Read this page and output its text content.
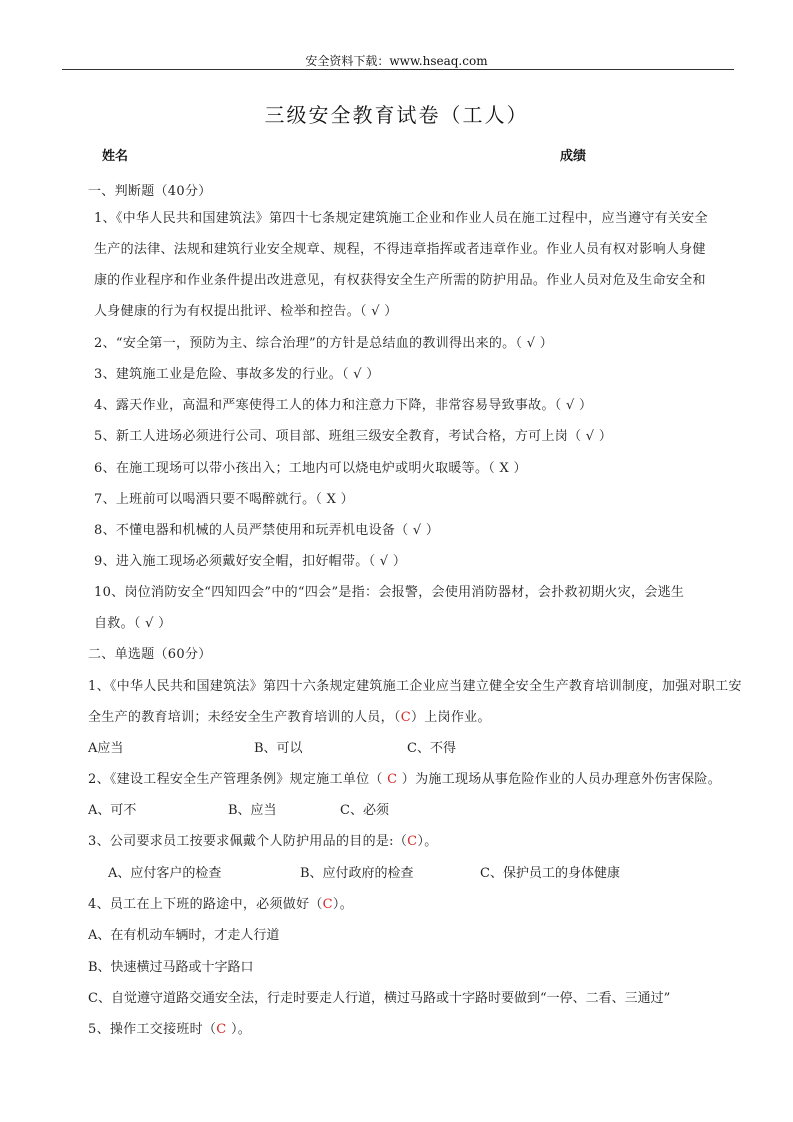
安全资料下载：www.hseaq.com
三级安全教育试卷（工人）
姓名	成绩
一、判断题（40分）
1、《中华人民共和国建筑法》第四十七条规定建筑施工企业和作业人员在施工过程中，应当遵守有关安全
生产的法律、法规和建筑行业安全规章、规程，不得违章指挥或者违章作业。作业人员有权对影响人身健
康的作业程序和作业条件提出改进意见，有权获得安全生产所需的防护用品。作业人员对危及生命安全和
人身健康的行为有权提出批评、检举和控告。（ √ ）
2、“安全第一，预防为主、综合治理”的方针是总结血的教训得出来的。（ √ ）
3、建筑施工业是危险、事故多发的行业。（ √ ）
4、露天作业，高温和严寒使得工人的体力和注意力下降，非常容易导致事故。（ √ ）
5、新工人进场必须进行公司、项目部、班组三级安全教育，考试合格，方可上岗（ √ ）
6、在施工现场可以带小孩出入；工地内可以烧电炉或明火取暖等。（ X ）
7、上班前可以喝酒只要不喝醉就行。（ X ）
8、不懂电器和机械的人员严禁使用和玩弄机电设备（ √ ）
9、进入施工现场必须戴好安全帽，扣好帽带。（ √ ）
10、岗位消防安全“四知四会”中的“四会”是指：会报警，会使用消防器材，会扑救初期火灾，会逃生
自救。（ √ ）
二、单选题（60分）
1、《中华人民共和国建筑法》第四十六条规定建筑施工企业应当建立健全安全生产教育培训制度，加强对职工安
全生产的教育培训；未经安全生产教育培训的人员，（C）上岗作业。
A应当	B、可以	C、不得
2、《建设工程安全生产管理条例》规定施工单位（ C ）为施工现场从事危险作业的人员办理意外伤害保险。
A、可不	B、应当	C、必须
3、公司要求员工按要求佩戴个人防护用品的目的是:（C）。
A、应付客户的检查	B、应付政府的检查	C、保护员工的身体健康
4、员工在上下班的路途中，必须做好（C）。
A、在有机动车辆时，才走人行道
B、快速横过马路或十字路口
C、自觉遵守道路交通安全法，行走时要走人行道，横过马路或十字路时要做到“一停、二看、三通过”
5、操作工交接班时（C ）。
